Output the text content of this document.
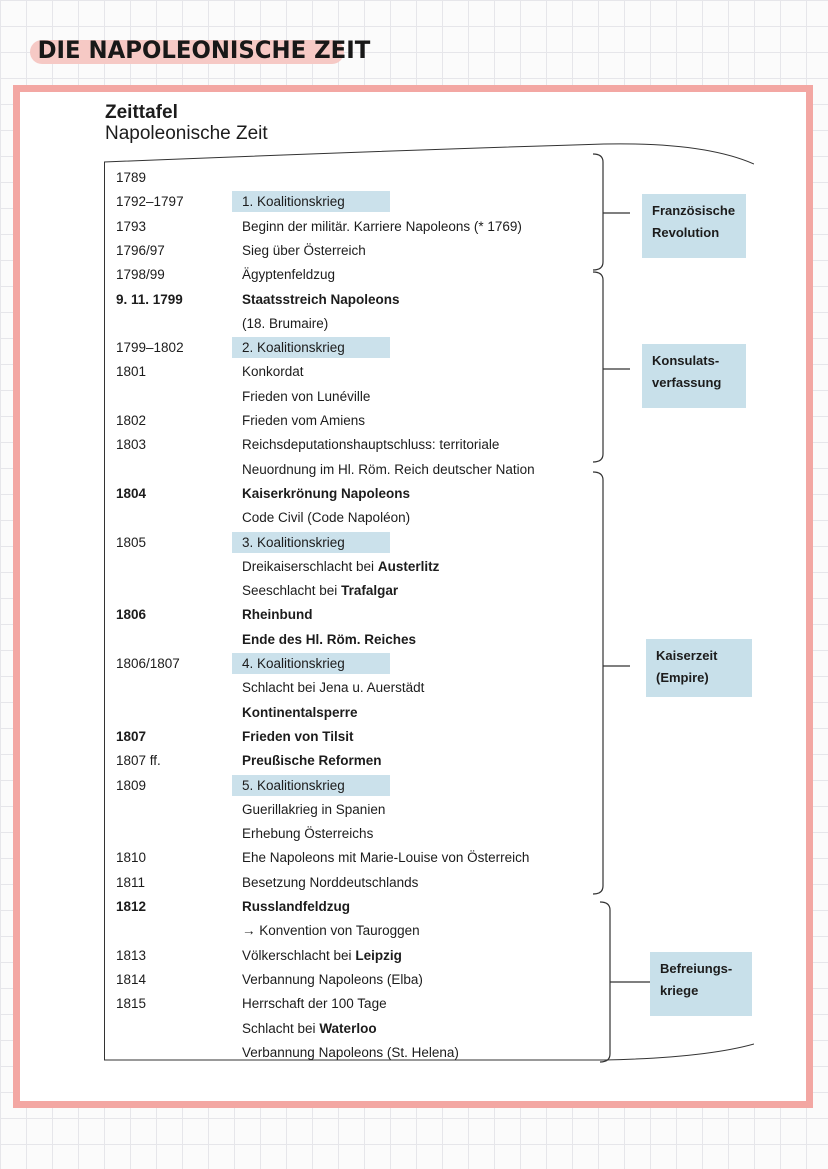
DIE NAPOLEONISCHE ZEIT
Zeittafel
Napoleonische Zeit
1789
1792–1797	1. Koalitionskrieg
1793	Beginn der militär. Karriere Napoleons (* 1769)
1796/97	Sieg über Österreich
1798/99	Ägyptenfeldzug
9. 11. 1799	Staatsstreich Napoleons
(18. Brumaire)
1799–1802	2. Koalitionskrieg
1801	Konkordat
Frieden von Lunéville
1802	Frieden vom Amiens
1803	Reichsdeputationshauptschluss: territoriale
Neuordnung im Hl. Röm. Reich deutscher Nation
1804	Kaiserkrönung Napoleons
Code Civil (Code Napoléon)
1805	3. Koalitionskrieg
Dreikaiserschlacht bei Austerlitz
Seeschlacht bei Trafalgar
1806	Rheinbund
Ende des Hl. Röm. Reiches
1806/1807	4. Koalitionskrieg
Schlacht bei Jena u. Auerstädt
Kontinentalsperre
1807	Frieden von Tilsit
1807 ff.	Preußische Reformen
1809	5. Koalitionskrieg
Guerillakrieg in Spanien
Erhebung Österreichs
1810	Ehe Napoleons mit Marie-Louise von Österreich
1811	Besetzung Norddeutschlands
1812	Russlandfeldzug
→ Konvention von Tauroggen
1813	Völkerschlacht bei Leipzig
1814	Verbannung Napoleons (Elba)
1815	Herrschaft der 100 Tage
Schlacht bei Waterloo
Verbannung Napoleons (St. Helena)
Französische
Revolution
Konsulats-
verfassung
Kaiserzeit
(Empire)
Befreiungs-
kriege
